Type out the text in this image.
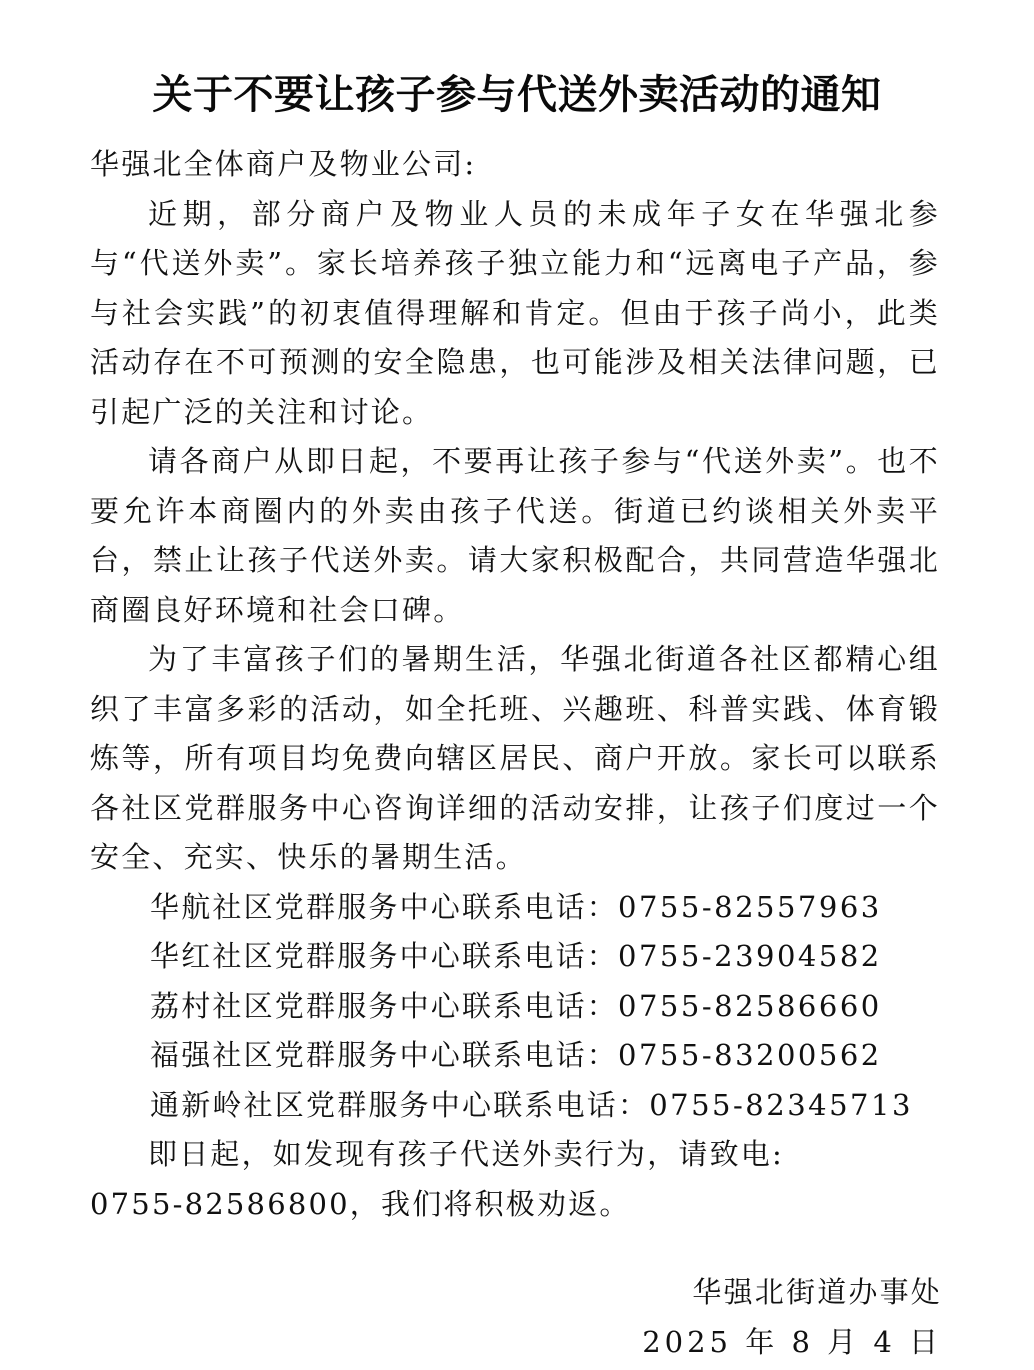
关于不要让孩子参与代送外卖活动的通知

华强北全体商户及物业公司:

近期，部分商户及物业人员的未成年子女在华强北参与“代送外卖”。家长培养孩子独立能力和“远离电子产品，参与社会实践”的初衷值得理解和肯定。但由于孩子尚小，此类活动存在不可预测的安全隐患，也可能涉及相关法律问题，已引起广泛的关注和讨论。

请各商户从即日起，不要再让孩子参与“代送外卖”。也不要允许本商圈内的外卖由孩子代送。街道已约谈相关外卖平台，禁止让孩子代送外卖。请大家积极配合，共同营造华强北商圈良好环境和社会口碑。

为了丰富孩子们的暑期生活，华强北街道各社区都精心组织了丰富多彩的活动，如全托班、兴趣班、科普实践、体育锻炼等，所有项目均免费向辖区居民、商户开放。家长可以联系各社区党群服务中心咨询详细的活动安排，让孩子们度过一个安全、充实、快乐的暑期生活。

华航社区党群服务中心联系电话：0755-82557963

华红社区党群服务中心联系电话：0755-23904582

荔村社区党群服务中心联系电话：0755-82586660

福强社区党群服务中心联系电话：0755-83200562

通新岭社区党群服务中心联系电话：0755-82345713

即日起，如发现有孩子代送外卖行为，请致电:

0755-82586800，我们将积极劝返。

华强北街道办事处
2025 年 8 月 4 日
